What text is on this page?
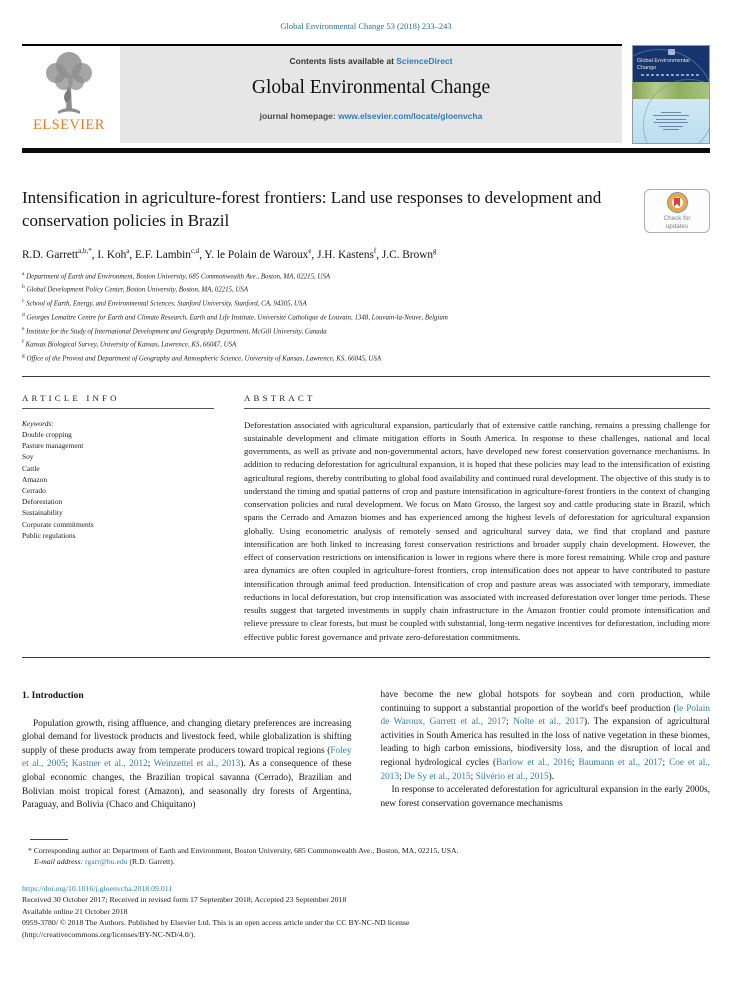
Global Environmental Change 53 (2018) 233–243
ELSEVIER
Contents lists available at ScienceDirect
Global Environmental Change
journal homepage: www.elsevier.com/locate/gloenvcha
Intensification in agriculture-forest frontiers: Land use responses to development and conservation policies in Brazil	Check for updates
R.D. Garrett$^{a,b,*}$, I. Koh$^a$, E.F. Lambin$^{c,d}$, Y. le Polain de Waroux$^e$, J.H. Kastens$^f$, J.C. Brown$^g$
$^a$ Department of Earth and Environment, Boston University, 685 Commonwealth Ave., Boston, MA, 02215, USA
$^b$ Global Development Policy Center, Boston University, Boston, MA, 02215, USA
$^c$ School of Earth, Energy, and Environmental Sciences, Stanford University, Stanford, CA, 94305, USA
$^d$ Georges Lemaître Centre for Earth and Climate Research, Earth and Life Institute, Université Catholique de Louvain, 1348, Louvain-la-Neuve, Belgium
$^e$ Institute for the Study of International Development and Geography Department, McGill University, Canada
$^f$ Kansas Biological Survey, University of Kansas, Lawrence, KS, 66047, USA
$^g$ Office of the Provost and Department of Geography and Atmospheric Science, University of Kansas, Lawrence, KS, 66045, USA
ARTICLE INFO
Keywords:
Double cropping
Pasture management
Soy
Cattle
Amazon
Cerrado
Deforestation
Sustainability
Corporate commitments
Public regulations
ABSTRACT
Deforestation associated with agricultural expansion, particularly that of extensive cattle ranching, remains a pressing challenge for sustainable development and climate mitigation efforts in South America. In response to these challenges, national and local governments, as well as private and non-governmental actors, have developed new forest conservation governance mechanisms. In addition to reducing deforestation for agricultural expansion, it is hoped that these policies may lead to the intensification of existing agricultural regions, thereby contributing to global food availability and continued rural development. The objective of this study is to understand the timing and spatial patterns of crop and pasture intensification in agriculture-forest frontiers in the context of changing conservation policies and rural development. We focus on Mato Grosso, the largest soy and cattle producing state in Brazil, which spans the Cerrado and Amazon biomes and has experienced among the highest levels of deforestation for agricultural expansion globally. Using econometric analysis of remotely sensed and agricultural survey data, we find that cropland and pasture intensification are both linked to increasing forest conservation restrictions and broader supply chain development. However, the effect of conservation restrictions on intensification is lower in regions where there is more forest remaining. While crop and pasture area dynamics are often coupled in agriculture-forest frontiers, crop intensification does not appear to have contributed to pasture intensification through animal feed production. Intensification of crop and pasture areas was associated with temporary, immediate reductions in local deforestation, but crop intensification was associated with increased deforestation over longer time periods. These results suggest that targeted investments in supply chain infrastructure in the Amazon frontier could promote intensification and relieve pressure to clear forests, but must be coupled with substantial, long-term negative incentives for deforestation, including more effective public forest governance and private zero-deforestation commitments.
1. Introduction

Population growth, rising affluence, and changing dietary preferences are increasing global demand for livestock products and livestock feed, while globalization is shifting supply of these products away from temperate producers toward tropical regions (Foley et al., 2005; Kastner et al., 2012; Weinzettel et al., 2013). As a consequence of these global economic changes, the Brazilian tropical savanna (Cerrado), Brazilian and Bolivian moist tropical forest (Amazon), and seasonally dry forests of Argentina, Paraguay, and Bolivia (Chaco and Chiquitano)

have become the new global hotspots for soybean and corn production, while continuing to support a substantial proportion of the world's beef production (le Polain de Waroux, Garrett et al., 2017; Nolte et al., 2017). The expansion of agricultural activities in South America has resulted in the loss of native vegetation in these biomes, leading to high carbon emissions, biodiversity loss, and the disruption of local and regional hydrological cycles (Barlow et al., 2016; Baumann et al., 2017; Coe et al., 2013; De Sy et al., 2015; Silvério et al., 2015).

In response to accelerated deforestation for agricultural expansion in the early 2000s, new forest conservation governance mechanisms

* Corresponding author at: Department of Earth and Environment, Boston University, 685 Commonwealth Ave., Boston, MA, 02215, USA.
E-mail address: rgarr@bu.edu (R.D. Garrett).
https://doi.org/10.1016/j.gloenvcha.2018.09.011
Received 30 October 2017; Received in revised form 17 September 2018; Accepted 23 September 2018
Available online 21 October 2018
0959-3780/ © 2018 The Authors. Published by Elsevier Ltd. This is an open access article under the CC BY-NC-ND license
(http://creativecommons.org/licenses/BY-NC-ND/4.0/).
